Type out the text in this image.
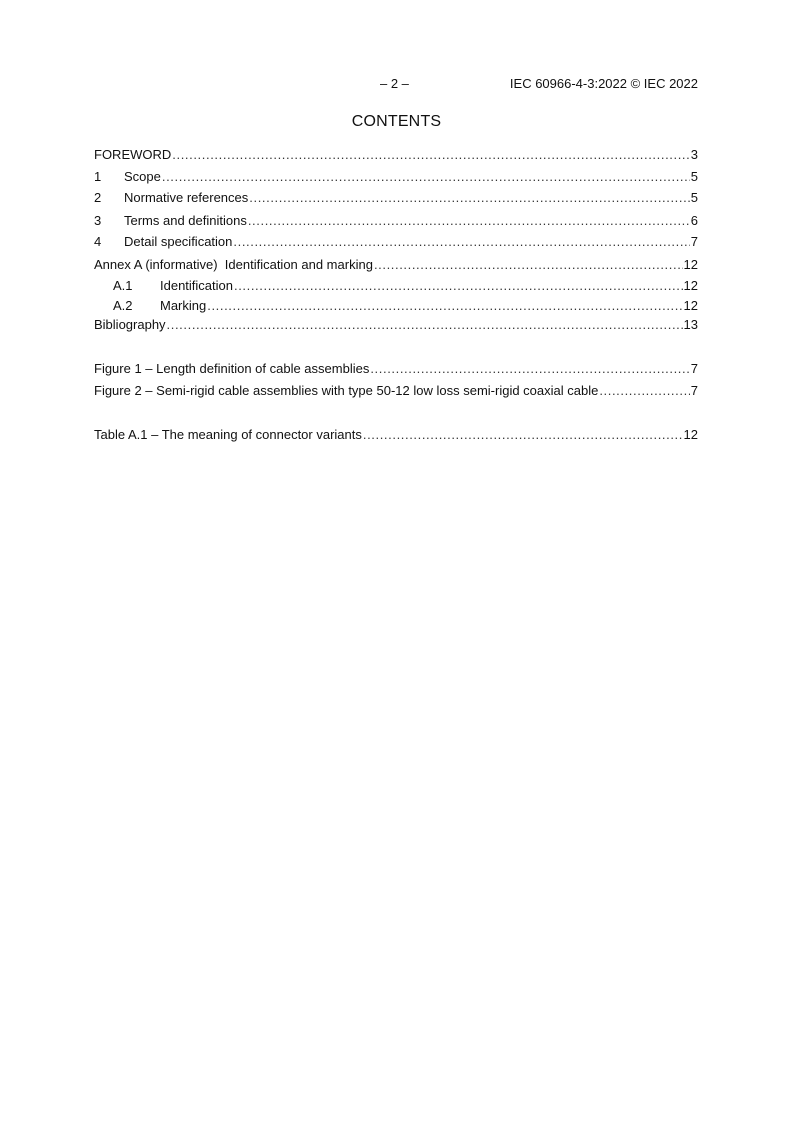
– 2 –	IEC 60966-4-3:2022 © IEC 2022
CONTENTS
FOREWORD .....	3
1	Scope .....	5
2	Normative references .....	5
3	Terms and definitions .....	6
4	Detail specification .....	7
Annex A (informative)  Identification and marking .....	12
A.1	Identification .....	12
A.2	Marking .....	12
Bibliography .....	13
Figure 1 – Length definition of cable assemblies .....	7
Figure 2 – Semi-rigid cable assemblies with type 50-12 low loss semi-rigid coaxial cable .....	7
Table A.1 – The meaning of connector variants .....	12
